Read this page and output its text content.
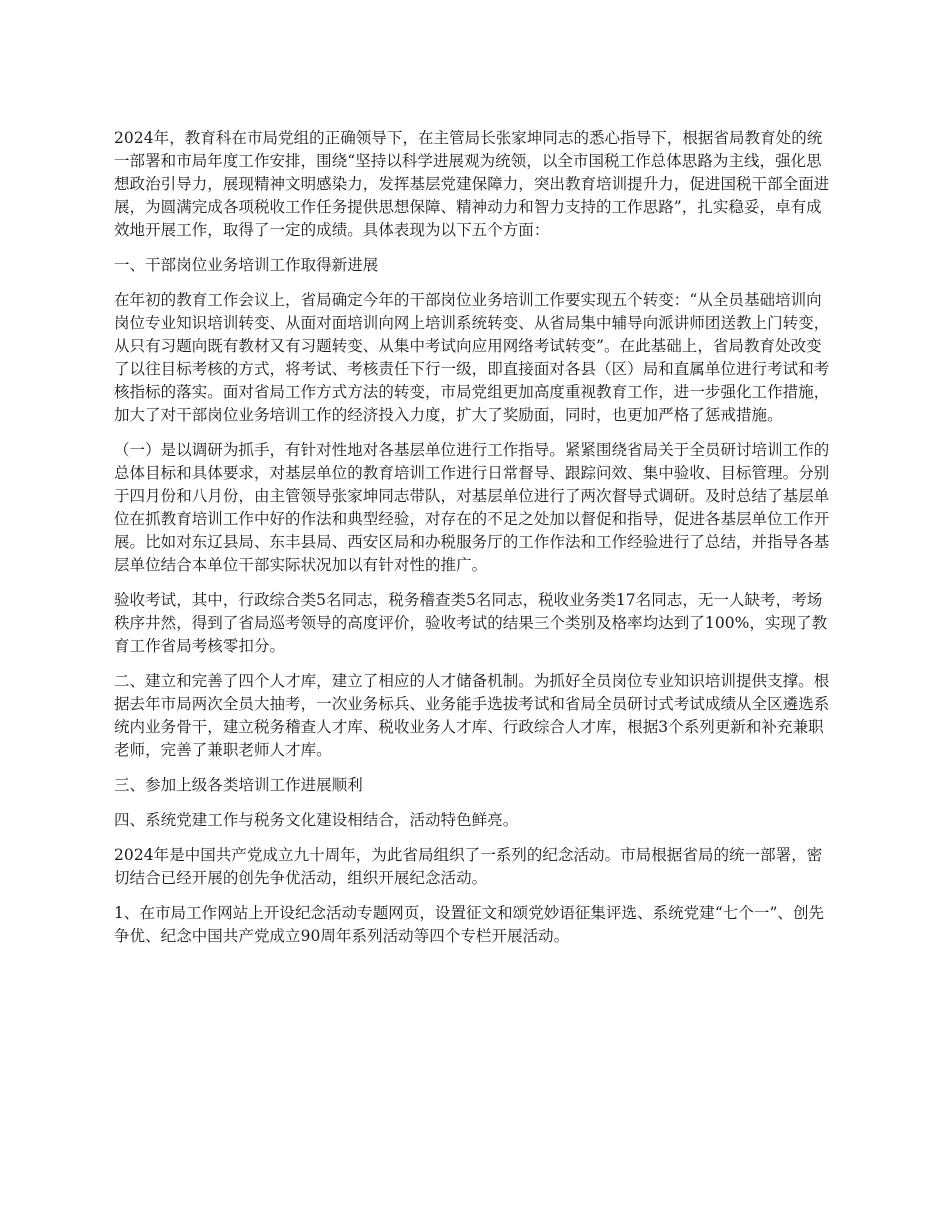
2024年，教育科在市局党组的正确领导下，在主管局长张家坤同志的悉心指导下，根据省局教育处的统一部署和市局年度工作安排，围绕“坚持以科学进展观为统领，以全市国税工作总体思路为主线，强化思想政治引导力，展现精神文明感染力，发挥基层党建保障力，突出教育培训提升力，促进国税干部全面进展，为圆满完成各项税收工作任务提供思想保障、精神动力和智力支持的工作思路”，扎实稳妥，卓有成效地开展工作，取得了一定的成绩。具体表现为以下五个方面：

一、干部岗位业务培训工作取得新进展

在年初的教育工作会议上，省局确定今年的干部岗位业务培训工作要实现五个转变：“从全员基础培训向岗位专业知识培训转变、从面对面培训向网上培训系统转变、从省局集中辅导向派讲师团送教上门转变，从只有习题向既有教材又有习题转变、从集中考试向应用网络考试转变”。在此基础上，省局教育处改变了以往目标考核的方式，将考试、考核责任下行一级，即直接面对各县（区）局和直属单位进行考试和考核指标的落实。面对省局工作方式方法的转变，市局党组更加高度重视教育工作，进一步强化工作措施，加大了对干部岗位业务培训工作的经济投入力度，扩大了奖励面，同时，也更加严格了惩戒措施。

（一）是以调研为抓手，有针对性地对各基层单位进行工作指导。紧紧围绕省局关于全员研讨培训工作的总体目标和具体要求，对基层单位的教育培训工作进行日常督导、跟踪问效、集中验收、目标管理。分别于四月份和八月份，由主管领导张家坤同志带队，对基层单位进行了两次督导式调研。及时总结了基层单位在抓教育培训工作中好的作法和典型经验，对存在的不足之处加以督促和指导，促进各基层单位工作开展。比如对东辽县局、东丰县局、西安区局和办税服务厅的工作作法和工作经验进行了总结，并指导各基层单位结合本单位干部实际状况加以有针对性的推广。

验收考试，其中，行政综合类5名同志，税务稽查类5名同志，税收业务类17名同志，无一人缺考，考场秩序井然，得到了省局巡考领导的高度评价，验收考试的结果三个类别及格率均达到了100%，实现了教育工作省局考核零扣分。

二、建立和完善了四个人才库，建立了相应的人才储备机制。为抓好全员岗位专业知识培训提供支撑。根据去年市局两次全员大抽考，一次业务标兵、业务能手选拔考试和省局全员研讨式考试成绩从全区遴选系统内业务骨干，建立税务稽查人才库、税收业务人才库、行政综合人才库，根据3个系列更新和补充兼职老师，完善了兼职老师人才库。

三、参加上级各类培训工作进展顺利

四、系统党建工作与税务文化建设相结合，活动特色鲜亮。

2024年是中国共产党成立九十周年，为此省局组织了一系列的纪念活动。市局根据省局的统一部署，密切结合已经开展的创先争优活动，组织开展纪念活动。

1、在市局工作网站上开设纪念活动专题网页，设置征文和颂党妙语征集评选、系统党建“七个一”、创先争优、纪念中国共产党成立90周年系列活动等四个专栏开展活动。
